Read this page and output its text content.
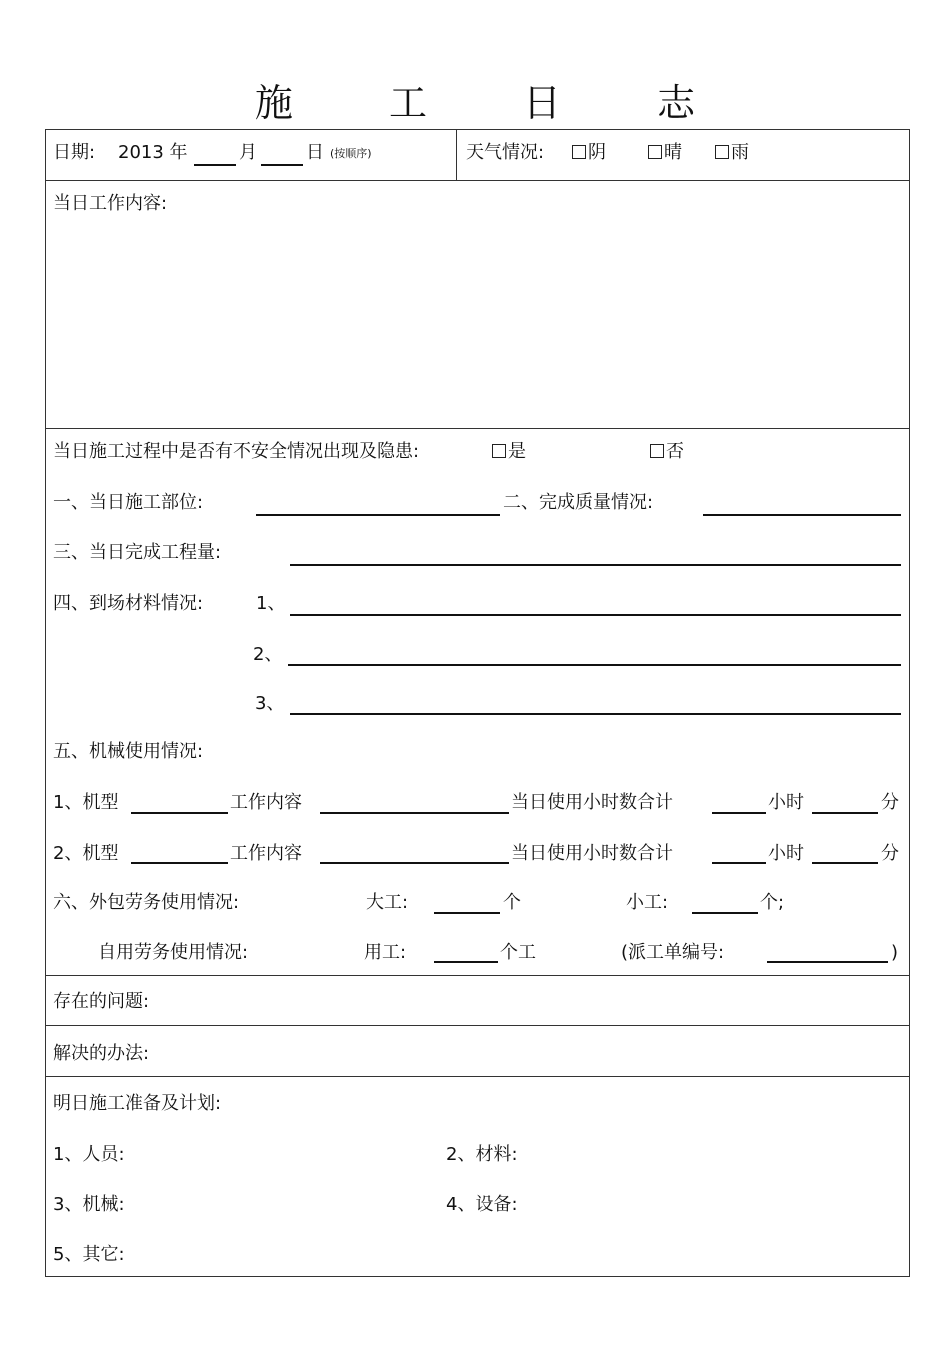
施 工 日 志
日期: 2013 年	月	日 (按顺序)	天气情况:	阴	晴	雨
当日工作内容:
当日施工过程中是否有不安全情况出现及隐患:	是	否
一、当日施工部位:	二、完成质量情况:
三、当日完成工程量:
四、到场材料情况:	1、
2、
3、
五、机械使用情况:
1、机型	工作内容	当日使用小时数合计	小时	分
2、机型	工作内容	当日使用小时数合计	小时	分
六、外包劳务使用情况:	大工:	个	小工:	个;
自用劳务使用情况:	用工:	个工	(派工单编号:	)
存在的问题:
解决的办法:
明日施工准备及计划:
1、人员:	2、材料:
3、机械:	4、设备:
5、其它:
